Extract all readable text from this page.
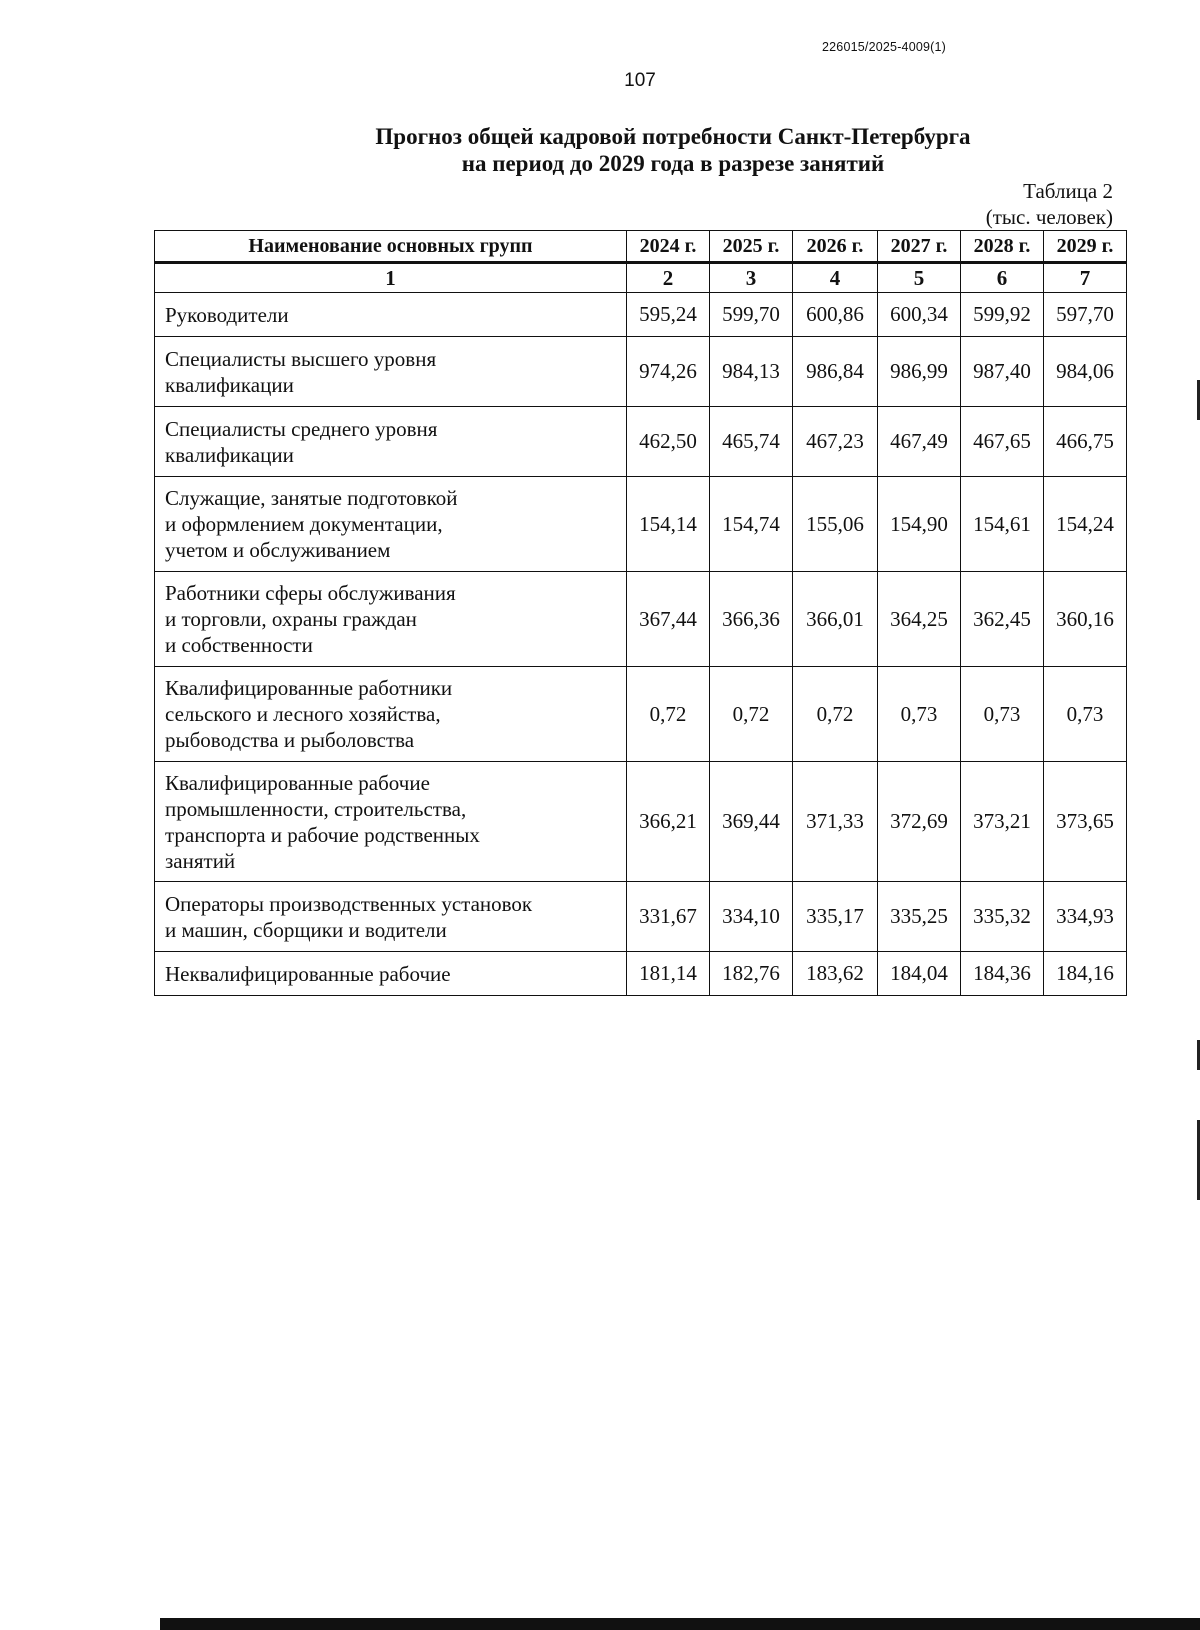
226015/2025-4009(1)
107
Прогноз общей кадровой потребности Санкт-Петербурга
на период до 2029 года в разрезе занятий
Таблица 2
(тыс. человек)
Наименование основных групп	2024 г.	2025 г.	2026 г.	2027 г.	2028 г.	2029 г.
1	2	3	4	5	6	7

Руководители	595,24	599,70	600,86	600,34	599,92	597,70

Специалисты высшего уровня
квалификации	974,26	984,13	986,84	986,99	987,40	984,06

Специалисты среднего уровня
квалификации	462,50	465,74	467,23	467,49	467,65	466,75

Служащие, занятые подготовкой
и оформлением документации,
учетом и обслуживанием	154,14	154,74	155,06	154,90	154,61	154,24

Работники сферы обслуживания
и торговли, охраны граждан
и собственности	367,44	366,36	366,01	364,25	362,45	360,16

Квалифицированные работники
сельского и лесного хозяйства,
рыбоводства и рыболовства	0,72	0,72	0,72	0,73	0,73	0,73

Квалифицированные рабочие
промышленности, строительства,
транспорта и рабочие родственных
занятий	366,21	369,44	371,33	372,69	373,21	373,65

Операторы производственных установок
и машин, сборщики и водители	331,67	334,10	335,17	335,25	335,32	334,93

Неквалифицированные рабочие	181,14	182,76	183,62	184,04	184,36	184,16
